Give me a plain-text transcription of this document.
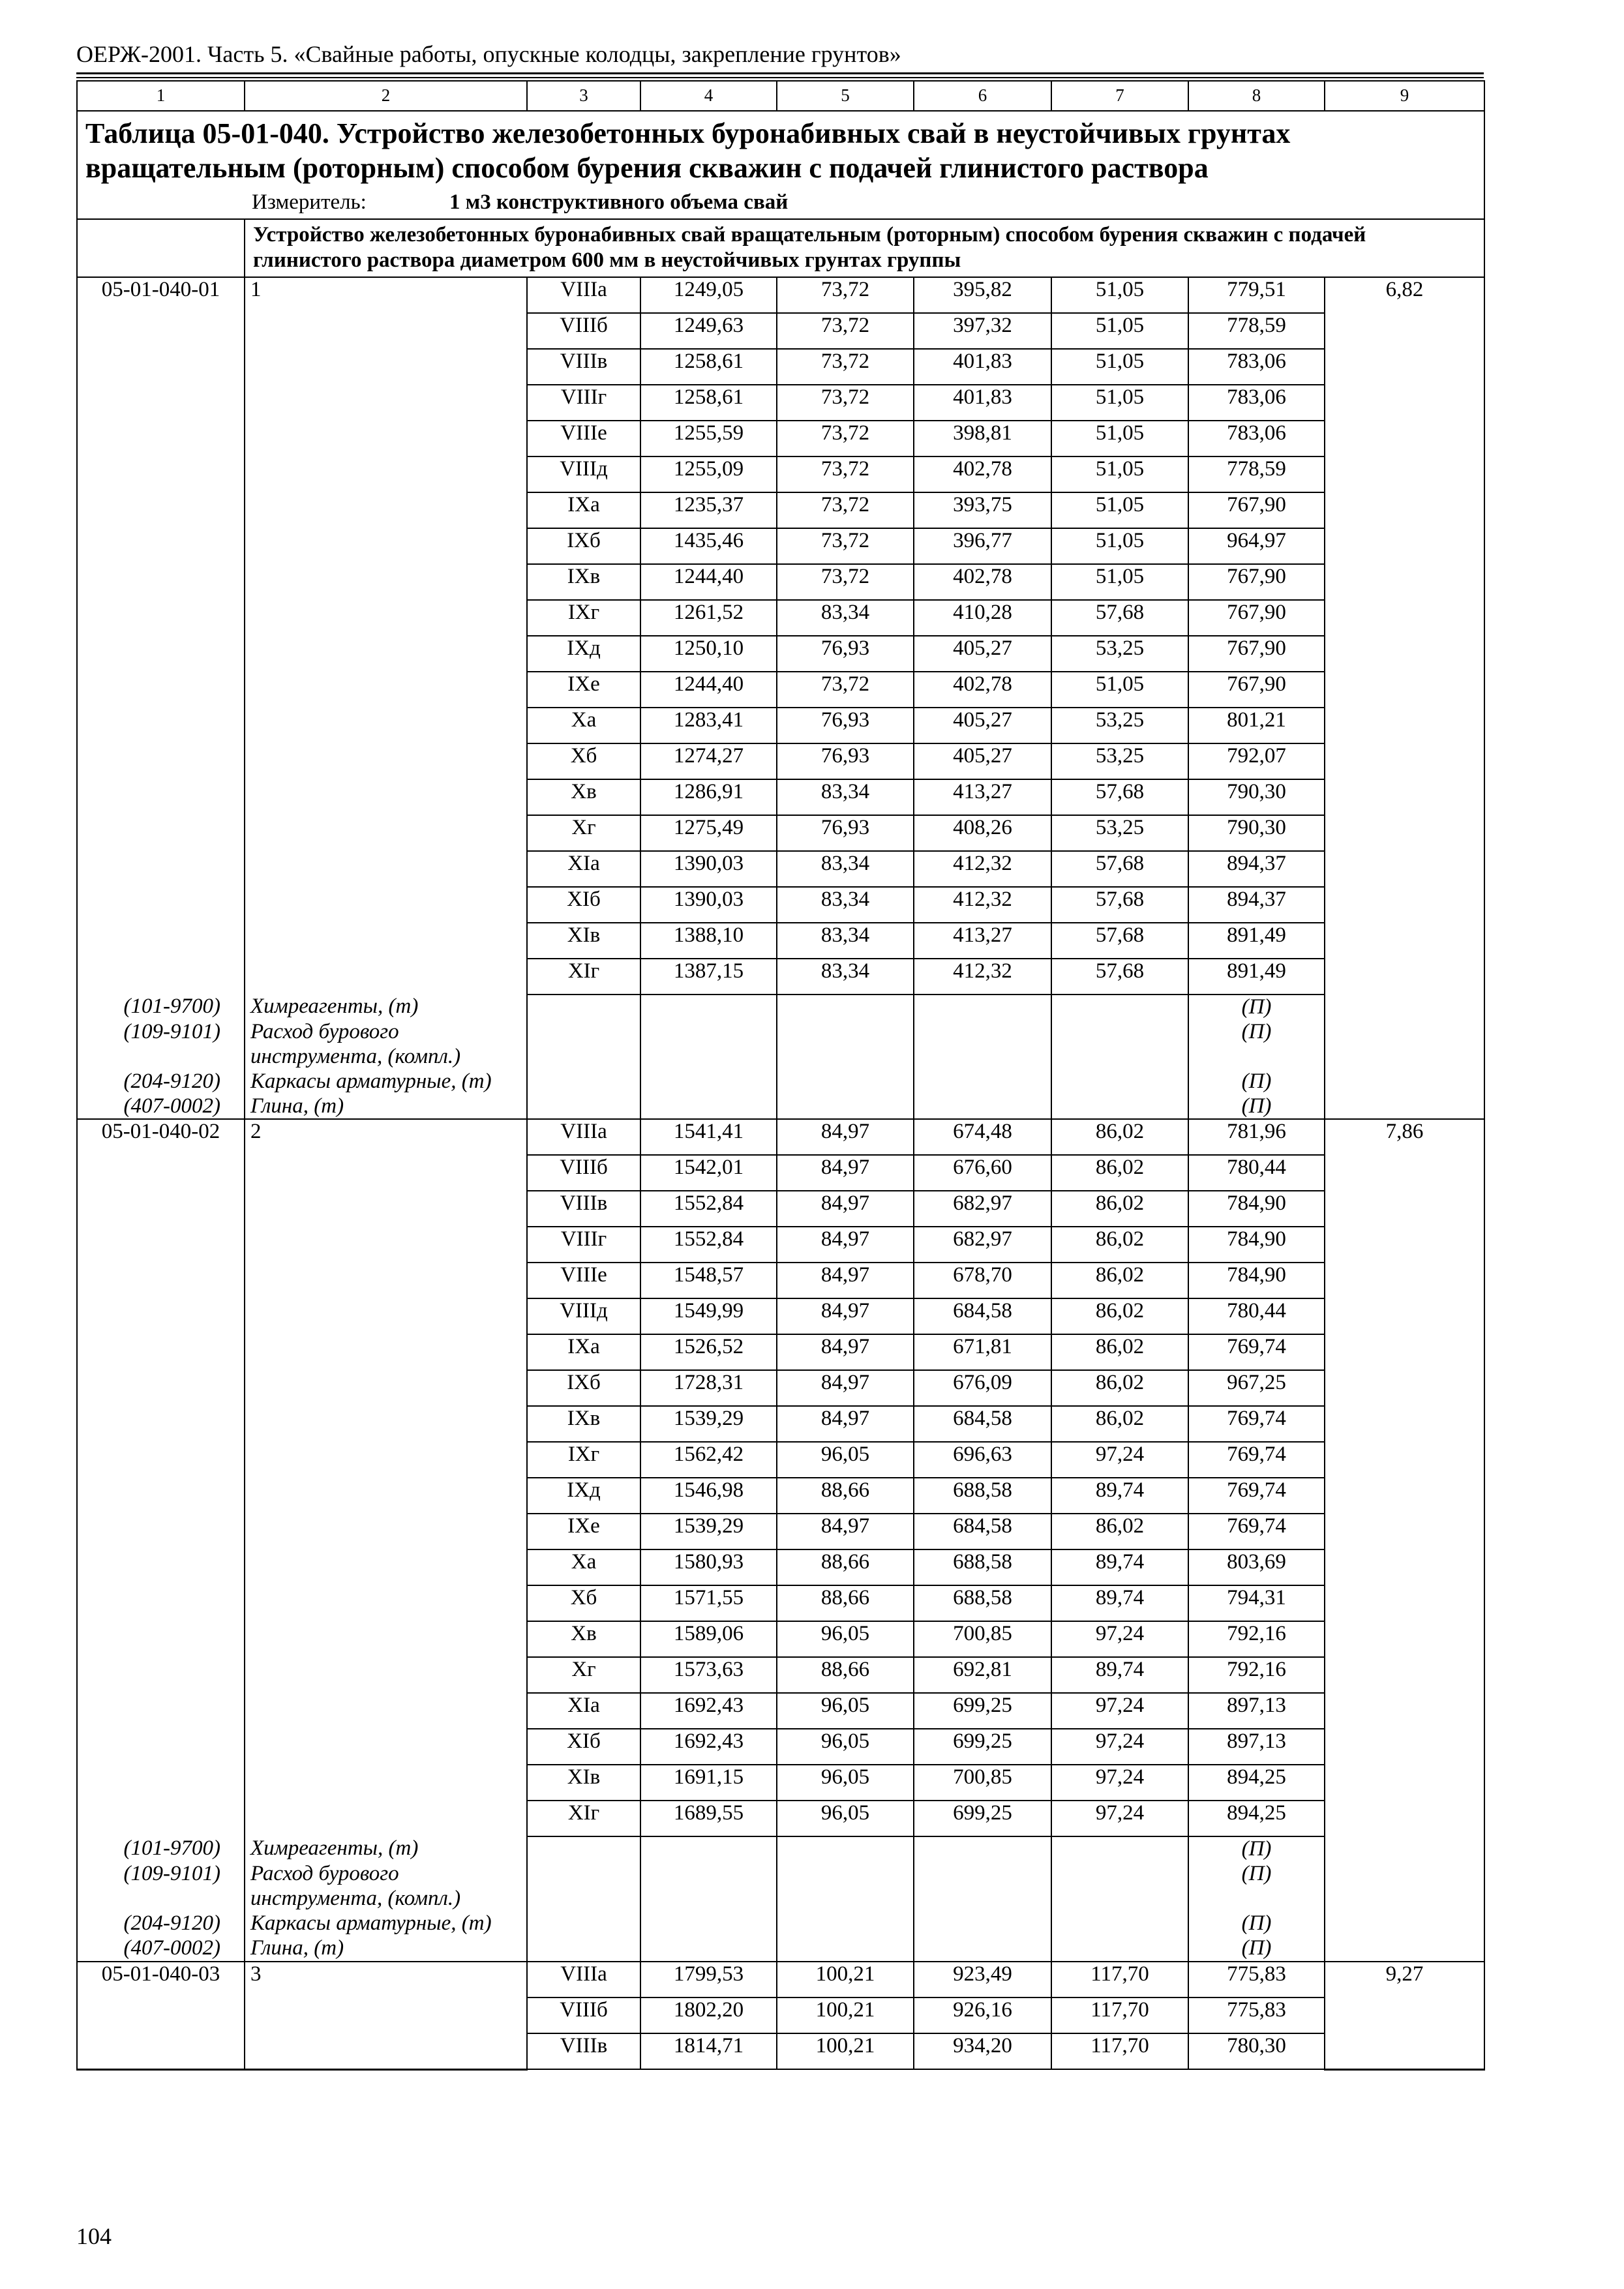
ОЕРЖ-2001. Часть 5. «Свайные работы, опускные колодцы, закрепление грунтов»
1	2	3	4	5	6	7	8	9

Таблица 05-01-040. Устройство железобетонных буронабивных свай в неустойчивых грунтах вращательным (роторным) способом бурения скважин с подачей глинистого раствора
Измеритель: 1 м3 конструктивного объема свай								

	Устройство железобетонных буронабивных свай вращательным (роторным) способом бурения скважин с подачей глинистого раствора диаметром 600 мм в неустойчивых грунтах группы							
05-01-040-01	1	VIIIа	1249,05	73,72	395,82	51,05	779,51	6,82
		VIIIб	1249,63	73,72	397,32	51,05	778,59	
		VIIIв	1258,61	73,72	401,83	51,05	783,06	
		VIIIг	1258,61	73,72	401,83	51,05	783,06	
		VIIIе	1255,59	73,72	398,81	51,05	783,06	
		VIIIд	1255,09	73,72	402,78	51,05	778,59	
		IXа	1235,37	73,72	393,75	51,05	767,90	
		IXб	1435,46	73,72	396,77	51,05	964,97	
		IXв	1244,40	73,72	402,78	51,05	767,90	
		IXг	1261,52	83,34	410,28	57,68	767,90	
		IXд	1250,10	76,93	405,27	53,25	767,90	
		IXе	1244,40	73,72	402,78	51,05	767,90	
		Xа	1283,41	76,93	405,27	53,25	801,21	
		Xб	1274,27	76,93	405,27	53,25	792,07	
		Xв	1286,91	83,34	413,27	57,68	790,30	
		Xг	1275,49	76,93	408,26	53,25	790,30	
		XIа	1390,03	83,34	412,32	57,68	894,37	
		XIб	1390,03	83,34	412,32	57,68	894,37	
		XIв	1388,10	83,34	413,27	57,68	891,49	
		XIг	1387,15	83,34	412,32	57,68	891,49	
(101-9700)	Химреагенты, (т)						(П)	
(109-9101)	Расход бурового инструмента, (компл.)						(П)	
(204-9120)	Каркасы арматурные, (т)						(П)	
(407-0002)	Глина, (т)						(П)	
05-01-040-02	2	VIIIа	1541,41	84,97	674,48	86,02	781,96	7,86
		VIIIб	1542,01	84,97	676,60	86,02	780,44	
		VIIIв	1552,84	84,97	682,97	86,02	784,90	
		VIIIг	1552,84	84,97	682,97	86,02	784,90	
		VIIIе	1548,57	84,97	678,70	86,02	784,90	
		VIIIд	1549,99	84,97	684,58	86,02	780,44	
		IXа	1526,52	84,97	671,81	86,02	769,74	
		IXб	1728,31	84,97	676,09	86,02	967,25	
		IXв	1539,29	84,97	684,58	86,02	769,74	
		IXг	1562,42	96,05	696,63	97,24	769,74	
		IXд	1546,98	88,66	688,58	89,74	769,74	
		IXе	1539,29	84,97	684,58	86,02	769,74	
		Xа	1580,93	88,66	688,58	89,74	803,69	
		Xб	1571,55	88,66	688,58	89,74	794,31	
		Xв	1589,06	96,05	700,85	97,24	792,16	
		Xг	1573,63	88,66	692,81	89,74	792,16	
		XIа	1692,43	96,05	699,25	97,24	897,13	
		XIб	1692,43	96,05	699,25	97,24	897,13	
		XIв	1691,15	96,05	700,85	97,24	894,25	
		XIг	1689,55	96,05	699,25	97,24	894,25	
(101-9700)	Химреагенты, (т)						(П)	
(109-9101)	Расход бурового инструмента, (компл.)						(П)	
(204-9120)	Каркасы арматурные, (т)						(П)	
(407-0002)	Глина, (т)						(П)	
05-01-040-03	3	VIIIа	1799,53	100,21	923,49	117,70	775,83	9,27
		VIIIб	1802,20	100,21	926,16	117,70	775,83	
		VIIIв	1814,71	100,21	934,20	117,70	780,30	
104
